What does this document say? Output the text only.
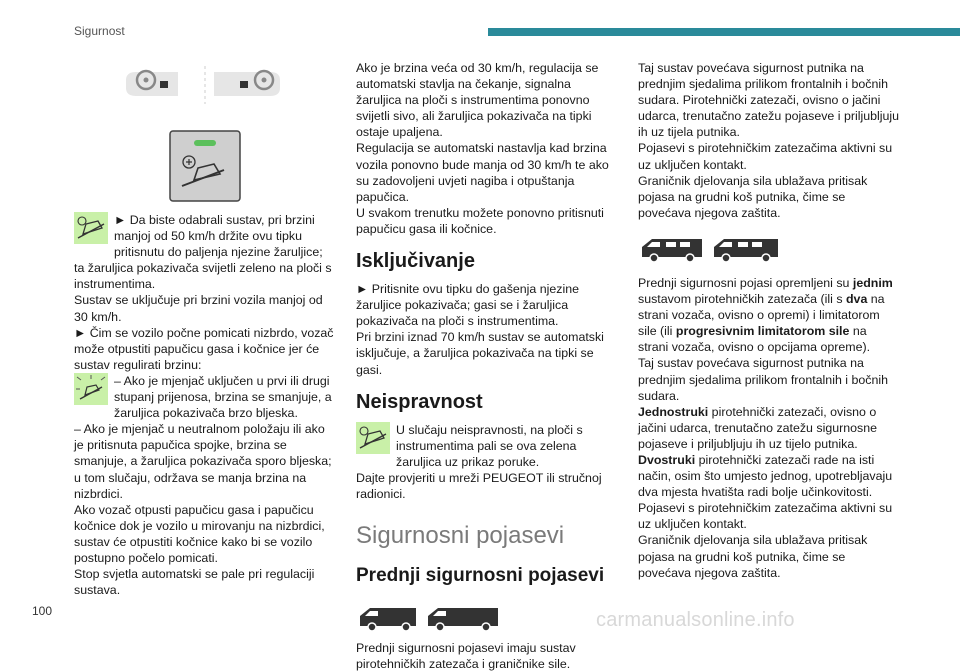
Sigurnost

► Da biste odabrali sustav, pri brzini manjoj od 50 km/h držite ovu tipku pritisnutu do paljenja njezine žaruljice; ta žaruljica pokazivača svijetli zeleno na ploči s instrumentima.

Sustav se uključuje pri brzini vozila manjoj od 30 km/h.

► Čim se vozilo počne pomicati nizbrdo, vozač može otpustiti papučicu gasa i kočnice jer će sustav regulirati brzinu:

– Ako je mjenjač uključen u prvi ili drugi stupanj prijenosa, brzina se smanjuje, a žaruljica pokazivača brzo bljeska.

– Ako je mjenjač u neutralnom položaju ili ako je pritisnuta papučica spojke, brzina se smanjuje, a žaruljica pokazivača sporo bljeska; u tom slučaju, održava se manja brzina na nizbrdici.

Ako vozač otpusti papučicu gasa i papučicu kočnice dok je vozilo u mirovanju na nizbrdici, sustav će otpustiti kočnice kako bi se vozilo postupno počelo pomicati.

Stop svjetla automatski se pale pri regulaciji sustava.

Ako je brzina veća od 30 km/h, regulacija se automatski stavlja na čekanje, signalna žaruljica na ploči s instrumentima ponovno svijetli sivo, ali žaruljica pokazivača na tipki ostaje upaljena.

Regulacija se automatski nastavlja kad brzina vozila ponovno bude manja od 30 km/h te ako su zadovoljeni uvjeti nagiba i otpuštanja papučica.

U svakom trenutku možete ponovno pritisnuti papučicu gasa ili kočnice.

Isključivanje

► Pritisnite ovu tipku do gašenja njezine žaruljice pokazivača; gasi se i žaruljica pokazivača na ploči s instrumentima.

Pri brzini iznad 70 km/h sustav se automatski isključuje, a žaruljica pokazivača na tipki se gasi.

Neispravnost

U slučaju neispravnosti, na ploči s instrumentima pali se ova zelena žaruljica uz prikaz poruke.

Dajte provjeriti u mreži PEUGEOT ili stručnoj radionici.

Sigurnosni pojasevi
Prednji sigurnosni pojasevi

Prednji sigurnosni pojasevi imaju sustav pirotehničkih zatezača i graničnike sile.

Taj sustav povećava sigurnost putnika na prednjim sjedalima prilikom frontalnih i bočnih sudara. Pirotehnički zatezači, ovisno o jačini udarca, trenutačno zatežu pojaseve i priljubljuju ih uz tijela putnika.

Pojasevi s pirotehničkim zatezačima aktivni su uz uključen kontakt.

Graničnik djelovanja sila ublažava pritisak pojasa na grudni koš putnika, čime se povećava njegova zaštita.

Prednji sigurnosni pojasi opremljeni su jednim sustavom pirotehničkih zatezača (ili s dva na strani vozača, ovisno o opremi) i limitatorom sile (ili progresivnim limitatorom sile na strani vozača, ovisno o opcijama opreme).

Taj sustav povećava sigurnost putnika na prednjim sjedalima prilikom frontalnih i bočnih sudara.

Jednostruki pirotehnički zatezači, ovisno o jačini udarca, trenutačno zatežu sigurnosne pojaseve i priljubljuju ih uz tijelo putnika.

Dvostruki pirotehnički zatezači rade na isti način, osim što umjesto jednog, upotrebljavaju dva mjesta hvatišta radi bolje učinkovitosti.

Pojasevi s pirotehničkim zatezačima aktivni su uz uključen kontakt.

Graničnik djelovanja sila ublažava pritisak pojasa na grudni koš putnika, čime se povećava njegova zaštita.

100	carmanualsonline.info
